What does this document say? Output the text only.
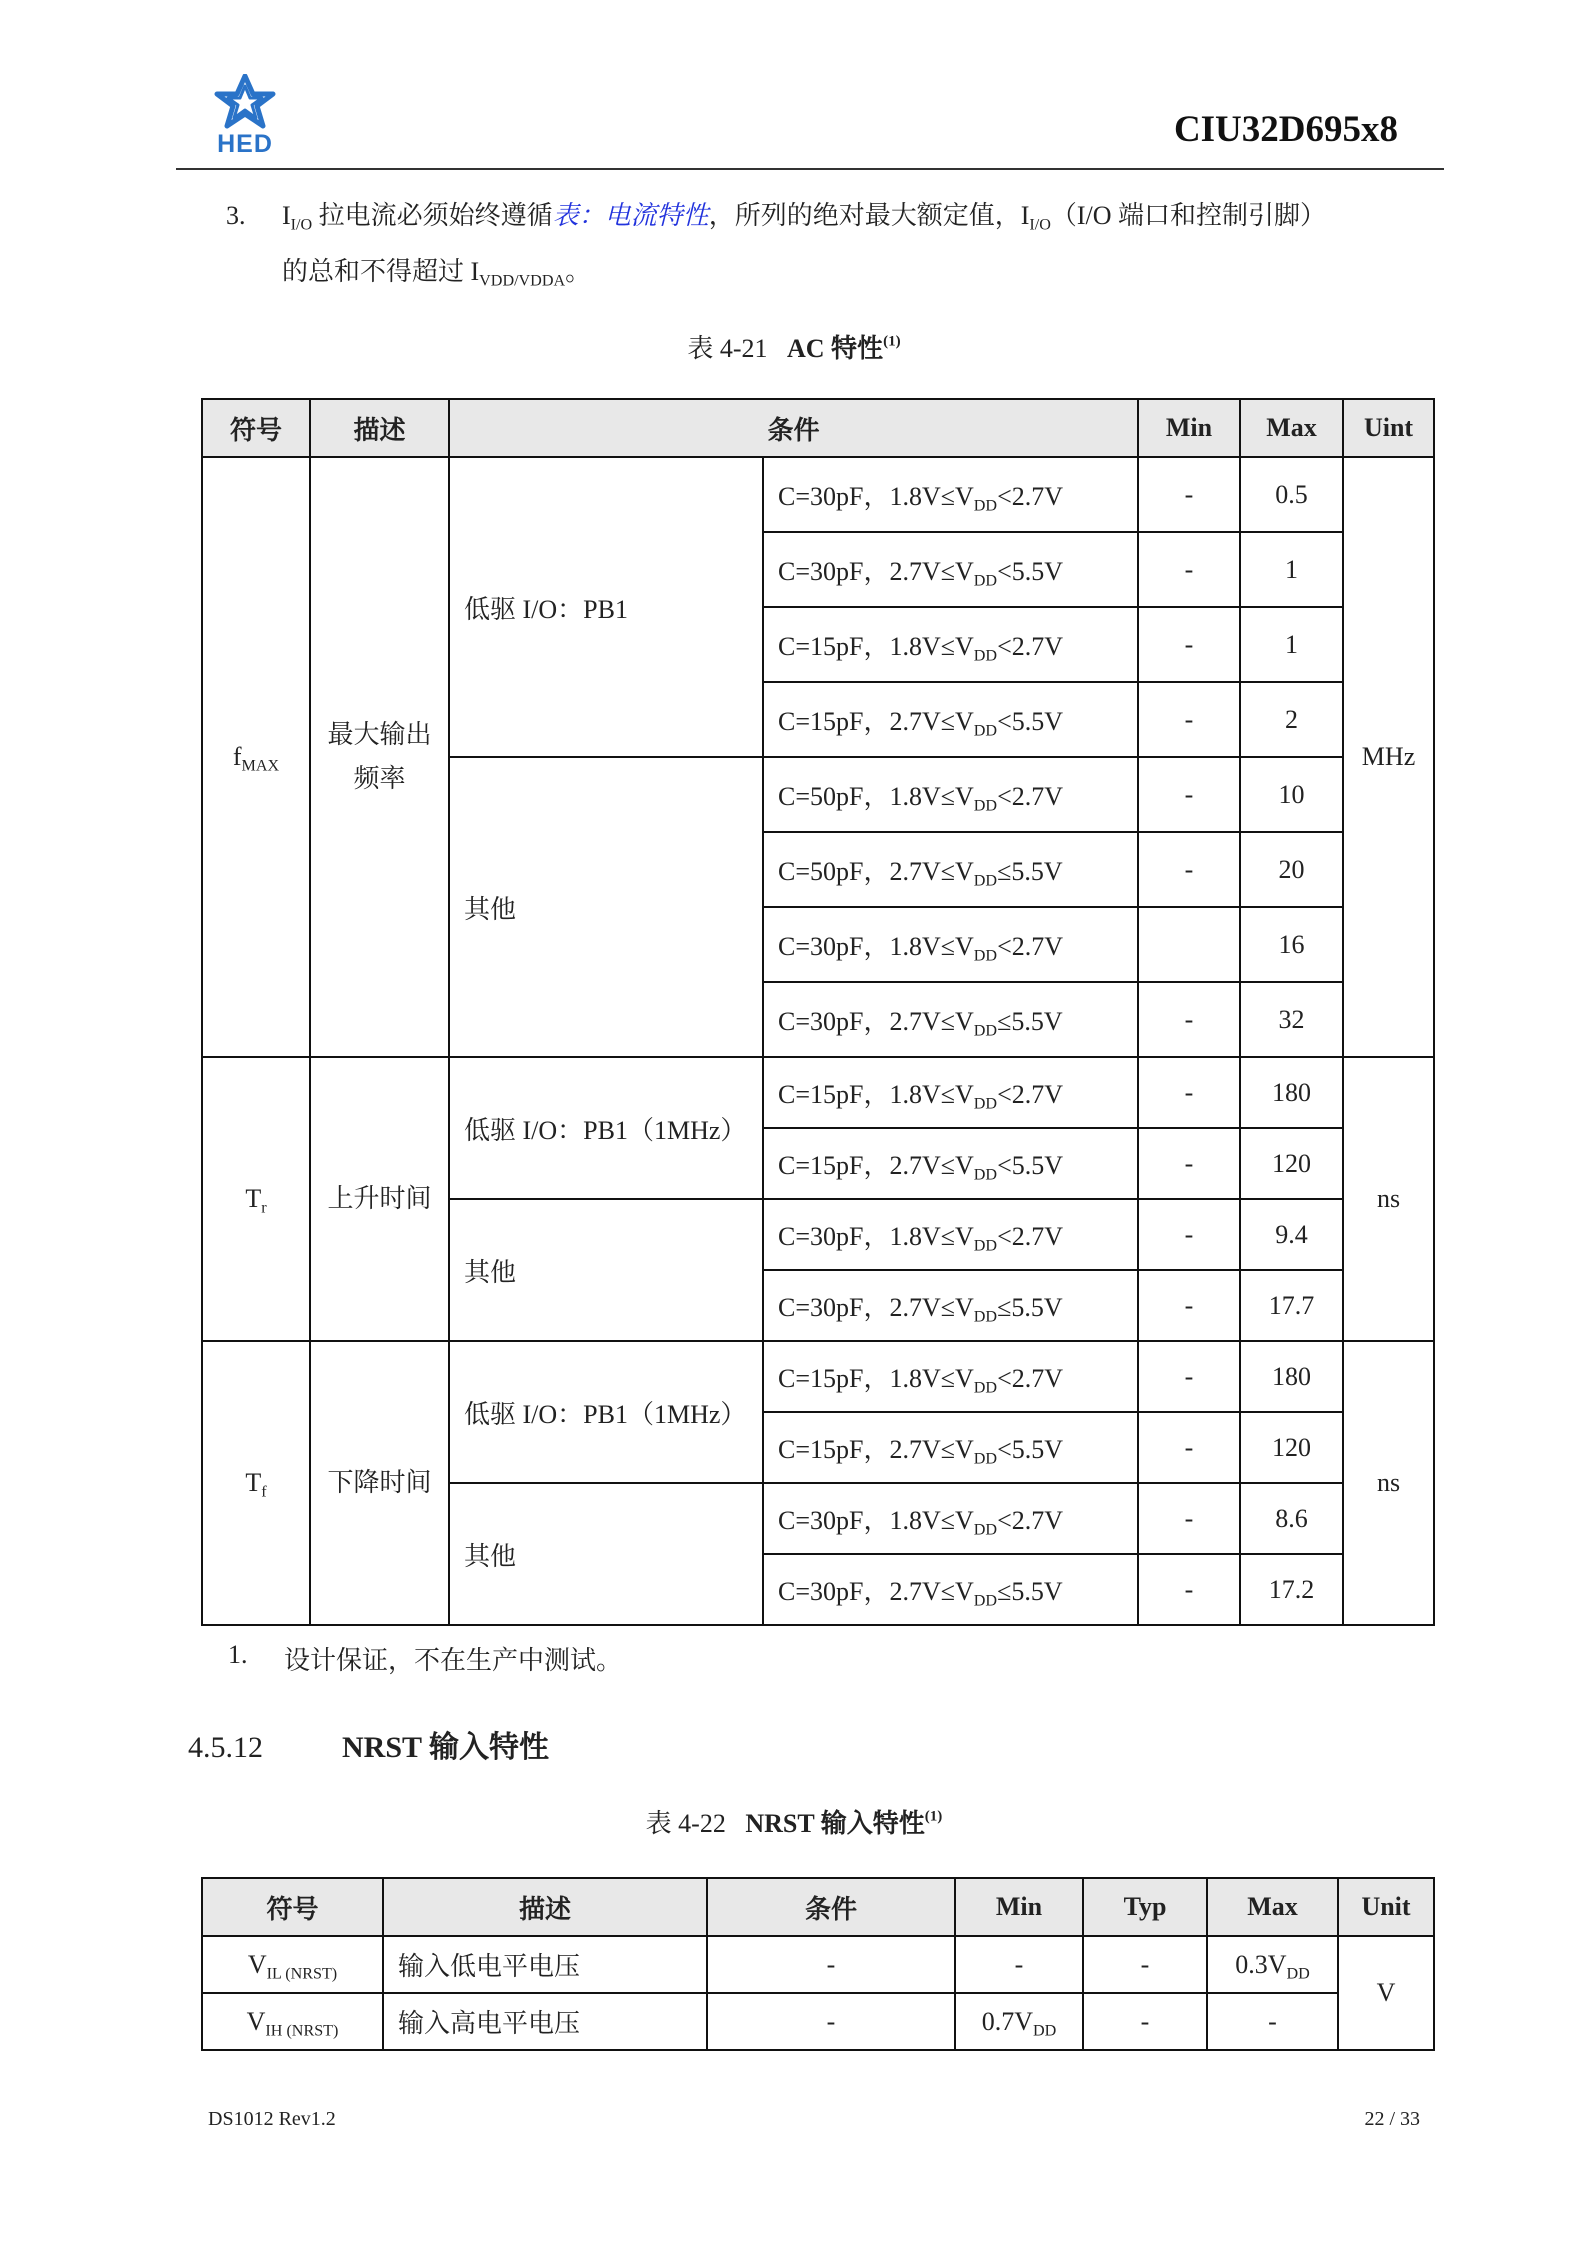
HED	CIU32D695x8
3. $I_{I/O}$ 拉电流必须始终遵循表：电流特性，所列的绝对最大额定值，$I_{I/O}(I/O$ 端口和控制引脚）
的总和不得超过 $I_{VDD/VDDA}$。
表 4-21 AC 特性$^{(1)}$
符号	描述	条件		Min	Max	Uint
$f_{MAX}$	最大输出频率	低驱 I/O：PB1	C=30pF，$1.8V\le V_{DD}<2.7V$	-	0.5	MHz
			C=30pF，$2.7V\le V_{DD}<5.5V$	-	1	
			C=15pF，$1.8V\le V_{DD}<2.7V$	-	1	
			C=15pF，$2.7V\le V_{DD}<5.5V$	-	2	
		其他	C=50pF，$1.8V\le V_{DD}<2.7V$	-	10	
			C=50pF，$2.7V\le V_{DD}\le 5.5V$	-	20	
			C=30pF，$1.8V\le V_{DD}<2.7V$		16	
			C=30pF，$2.7V\le V_{DD}\le 5.5V$	-	32	
$T_r$	上升时间	低驱 I/O：PB1（1MHz）	C=15pF，$1.8V\le V_{DD}<2.7V$	-	180	ns
			C=15pF，$2.7V\le V_{DD}<5.5V$	-	120	
		其他	C=30pF，$1.8V\le V_{DD}<2.7V$	-	9.4	
			C=30pF，$2.7V\le V_{DD}\le 5.5V$	-	17.7	
$T_f$	下降时间	低驱 I/O：PB1（1MHz）	C=15pF，$1.8V\le V_{DD}<2.7V$	-	180	ns
			C=15pF，$2.7V\le V_{DD}<5.5V$	-	120	
		其他	C=30pF，$1.8V\le V_{DD}<2.7V$	-	8.6	
			C=30pF，$2.7V\le V_{DD}\le 5.5V$	-	17.2	
1. 设计保证，不在生产中测试。
4.5.12	NRST 输入特性
表 4-22 NRST 输入特性$^{(1)}$
符号	描述	条件	Min	Typ	Max	Unit
$V_{IL (NRST)}$	输入低电平电压	-	-	-	$0.3V_{DD}$	V
$V_{IH (NRST)}$	输入高电平电压	-	$0.7V_{DD}$	-	-	
DS1012 Rev1.2	22 / 33
